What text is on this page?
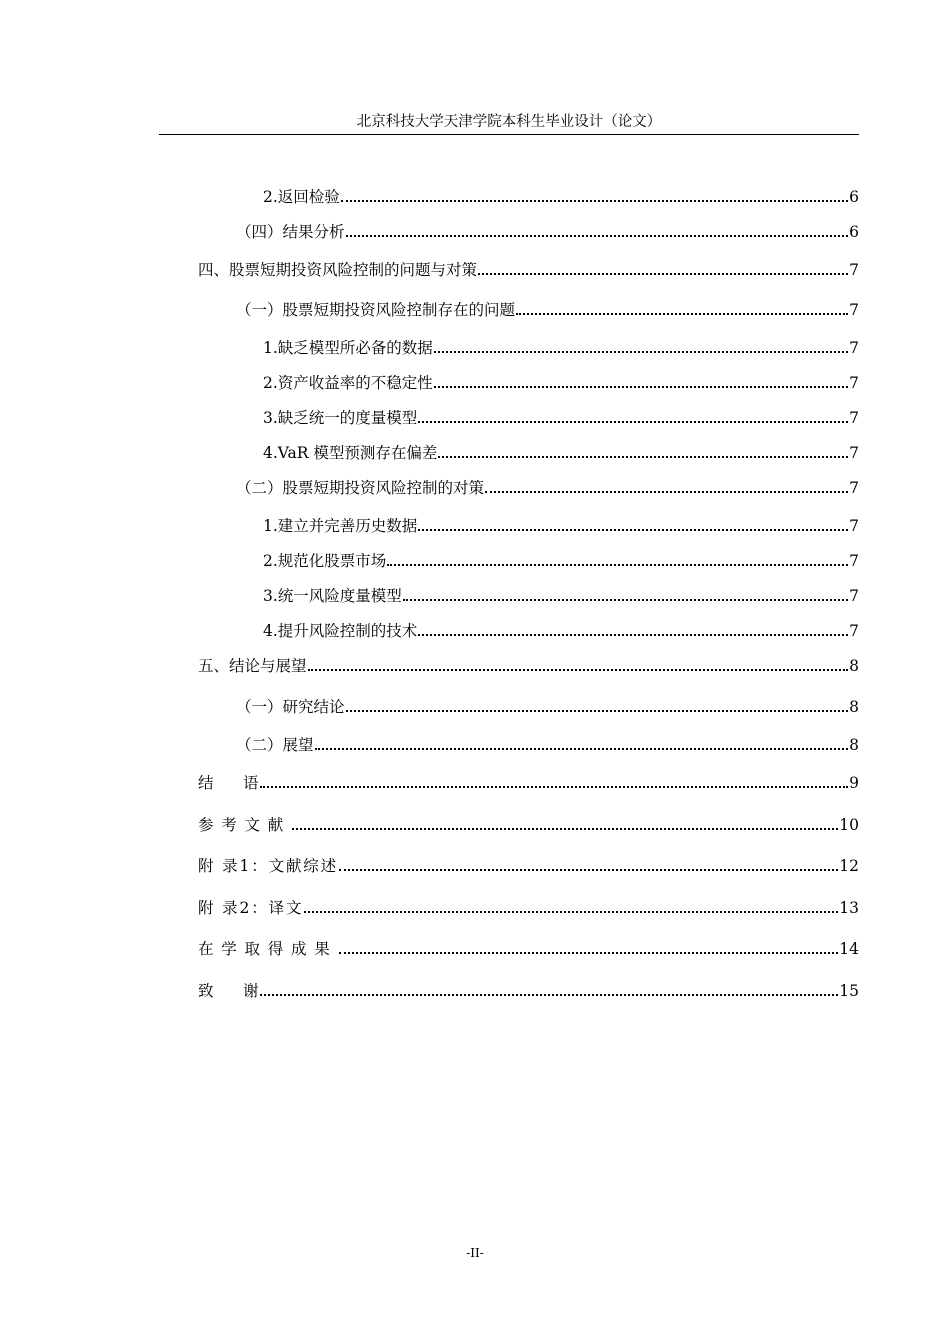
北京科技大学天津学院本科生毕业设计（论文）
2.返回检验	6
（四）结果分析	6
四、股票短期投资风险控制的问题与对策	7
（一）股票短期投资风险控制存在的问题	7
1.缺乏模型所必备的数据	7
2.资产收益率的不稳定性	7
3.缺乏统一的度量模型	7
4.VaR 模型预测存在偏差	7
（二）股票短期投资风险控制的对策	7
1.建立并完善历史数据	7
2.规范化股票市场	7
3.统一风险度量模型	7
4.提升风险控制的技术	7
五、结论与展望	8
（一）研究结论	8
（二）展望	8
结      语	9
参考文献	10
附 录1：文献综述	12
附 录2：译文	13
在学取得成果	14
致      谢	15
-II-
